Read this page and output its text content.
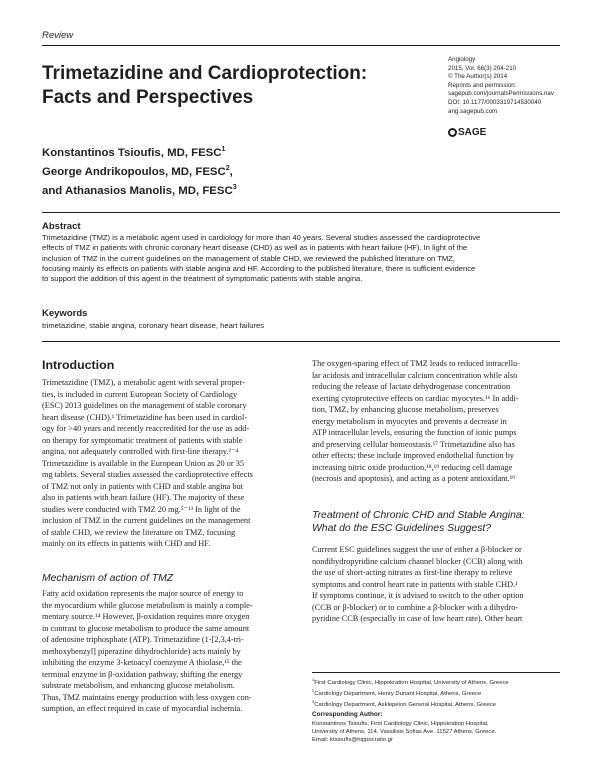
Review
Trimetazidine and Cardioprotection:
Facts and Perspectives
Angiology
2015, Vol. 66(3) 204-210
© The Author(s) 2014
Reprints and permission:
sagepub.com/journalsPermissions.nav
DOI: 10.1177/0003319714530040
ang.sagepub.com
SAGE
Konstantinos Tsioufis, MD, FESC$^1$
George Andrikopoulos, MD, FESC$^2$,
and Athanasios Manolis, MD, FESC$^3$
Abstract
Trimetazidine (TMZ) is a metabolic agent used in cardiology for more than 40 years. Several studies assessed the cardioprotective
effects of TMZ in patients with chronic coronary heart disease (CHD) as well as in patients with heart failure (HF). In light of the
inclusion of TMZ in the current guidelines on the management of stable CHD, we reviewed the published literature on TMZ,
focusing mainly its effects on patients with stable angina and HF. According to the published literature, there is sufficient evidence
to support the addition of this agent in the treatment of symptomatic patients with stable angina.
Keywords
trimetazidine, stable angina, coronary heart disease, heart failures
Introduction
Trimetazidine (TMZ), a metabolic agent with several proper-
ties, is included in current European Society of Cardiology
(ESC) 2013 guidelines on the management of stable coronary
heart disease (CHD).¹ Trimetazidine has been used in cardiol-
ogy for >40 years and recently reaccredited for the use as add-
on therapy for symptomatic treatment of patients with stable
angina, not adequately controlled with first-line therapy.²⁻⁴
Trimetazidine is available in the European Union as 20 or 35
mg tablets. Several studies assessed the cardioprotective effects
of TMZ not only in patients with CHD and stable angina but
also in patients with heart failure (HF). The majority of these
studies were conducted with TMZ 20 mg.⁵⁻¹³ In light of the
inclusion of TMZ in the current guidelines on the management
of stable CHD, we review the literature on TMZ, focusing
mainly on its effects in patients with CHD and HF.
Mechanism of action of TMZ
Fatty acid oxidation represents the major source of energy to
the myocardium while glucose metabolism is mainly a comple-
mentary source.¹⁴ However, β-oxidation requires more oxygen
in contrast to glucose metabolism to produce the same amount
of adenosine triphosphate (ATP). Trimetazidine (1-[2,3,4-tri-
methoxybenzyl] piperazine dihydrochloride) acts mainly by
inhibiting the enzyme 3-ketoacyl coenzyme A thiolase,¹⁵ the
terminal enzyme in β-oxidation pathway, shifting the energy
substrate metabolism, and enhancing glucose metabolism.
Thus, TMZ maintains energy production with less oxygen con-
sumption, an effect required in case of myocardial ischemia.
The oxygen-sparing effect of TMZ leads to reduced intracellu-
lar acidosis and intracellular calcium concentration while also
reducing the release of lactate dehydrogenase concentration
exerting cytoprotective effects on cardiac myocytes.¹⁶ In addi-
tion, TMZ, by enhancing glucose metabolism, preserves
energy metabolism in myocytes and prevents a decrease in
ATP intracellular levels, ensuring the function of ionic pumps
and preserving cellular homeostasis.¹⁷ Trimetazidine also has
other effects; these include improved endothelial function by
increasing nitric oxide production,¹⁸,¹⁹ reducing cell damage
(necrosis and apoptosis), and acting as a potent antioxidant.¹⁹
Treatment of Chronic CHD and Stable Angina:
What do the ESC Guidelines Suggest?
Current ESC guidelines suggest the use of either a β-blocker or
nondihydropyridine calcium channel blocker (CCB) along with
the use of short-acting nitrates as first-line therapy to relieve
symptoms and control heart rate in patients with stable CHD.¹
If symptoms continue, it is advised to switch to the other option
(CCB or β-blocker) or to combine a β-blocker with a dihydro-
pyridine CCB (especially in case of low heart rate). Other heart
$^1$First Cardiology Clinic, Hippokration Hospital, University of Athens, Greece
$^2$Cardiology Department, Henry Dunant Hospital, Athens, Greece
$^3$Cardiology Department, Asklepeion General Hospital, Athens, Greece
Corresponding Author:
Konstantinos Tsioufis, First Cardiology Clinic, Hippokration Hospital,
University of Athens, 114, Vassilisis Sofias Ave. 11527 Athens, Greece.
Email: ktsioufis@hippocratio.gr
